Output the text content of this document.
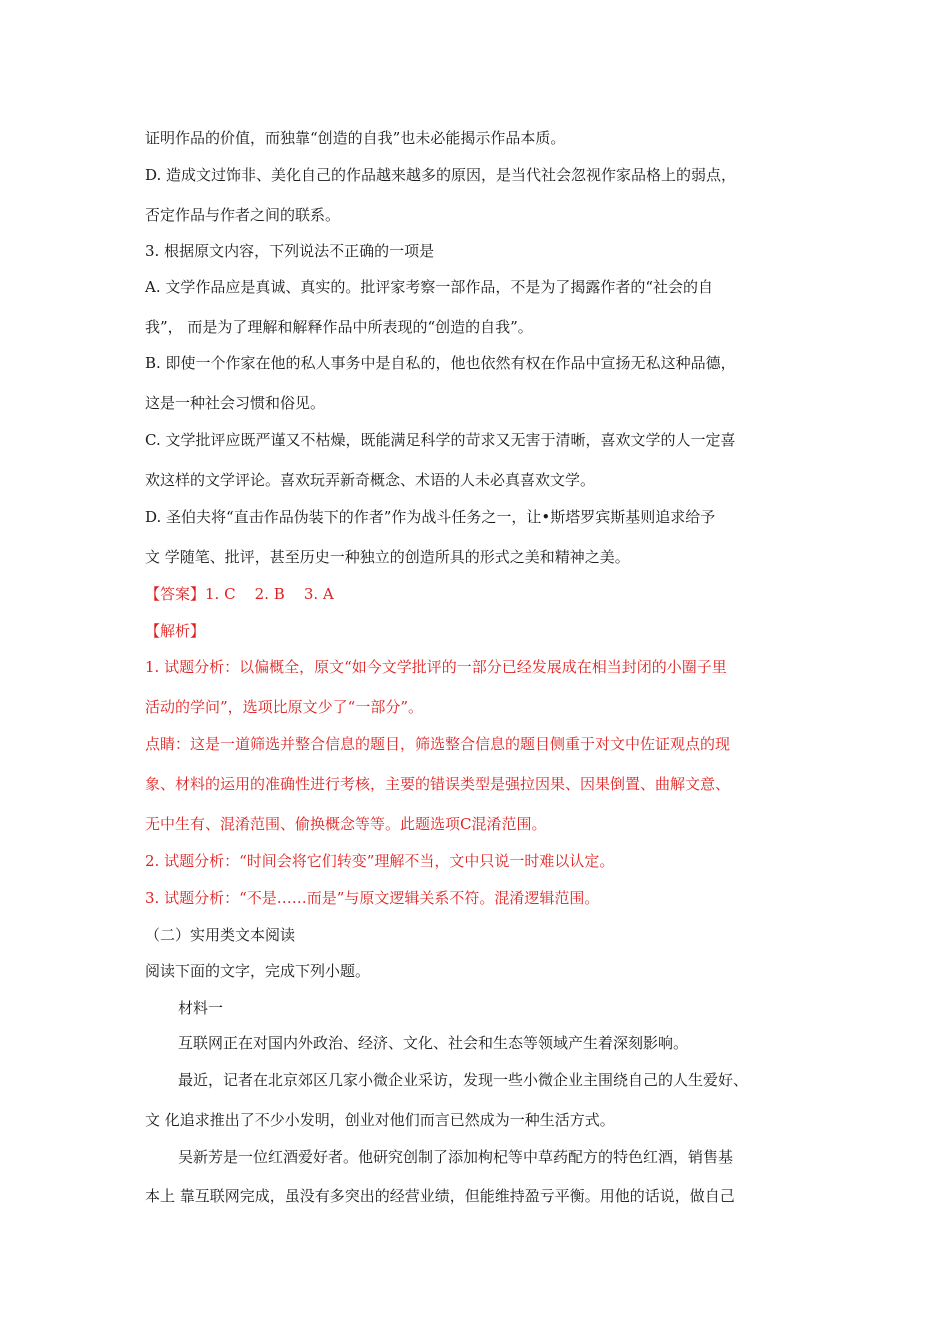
证明作品的价值，而独靠“创造的自我”也未必能揭示作品本质。
D. 造成文过饰非、美化自己的作品越来越多的原因，是当代社会忽视作家品格上的弱点，
否定作品与作者之间的联系。
3. 根据原文内容，下列说法不正确的一项是
A. 文学作品应是真诚、真实的。批评家考察一部作品，不是为了揭露作者的“社会的自
我”， 而是为了理解和解释作品中所表现的“创造的自我”。
B. 即使一个作家在他的私人事务中是自私的，他也依然有权在作品中宣扬无私这种品德，
这是一种社会习惯和俗见。
C. 文学批评应既严谨又不枯燥，既能满足科学的苛求又无害于清晰，喜欢文学的人一定喜
欢这样的文学评论。喜欢玩弄新奇概念、术语的人未必真喜欢文学。
D. 圣伯夫将“直击作品伪装下的作者”作为战斗任务之一，让•斯塔罗宾斯基则追求给予
文 学随笔、批评，甚至历史一种独立的创造所具的形式之美和精神之美。
【答案】1. C    2. B    3. A
【解析】
1. 试题分析：以偏概全，原文“如今文学批评的一部分已经发展成在相当封闭的小圈子里
活动的学问”，选项比原文少了“一部分”。
点睛：这是一道筛选并整合信息的题目，筛选整合信息的题目侧重于对文中佐证观点的现
象、材料的运用的准确性进行考核，主要的错误类型是强拉因果、因果倒置、曲解文意、
无中生有、混淆范围、偷换概念等等。此题选项C混淆范围。
2. 试题分析：“时间会将它们转变”理解不当，文中只说一时难以认定。
3. 试题分析：“不是……而是”与原文逻辑关系不符。混淆逻辑范围。
（二）实用类文本阅读
阅读下面的文字，完成下列小题。
材料一
互联网正在对国内外政治、经济、文化、社会和生态等领域产生着深刻影响。
最近，记者在北京郊区几家小微企业采访，发现一些小微企业主围绕自己的人生爱好、
文 化追求推出了不少小发明，创业对他们而言已然成为一种生活方式。
吴新芳是一位红酒爱好者。他研究创制了添加枸杞等中草药配方的特色红酒，销售基
本上 靠互联网完成，虽没有多突出的经营业绩，但能维持盈亏平衡。用他的话说，做自己
